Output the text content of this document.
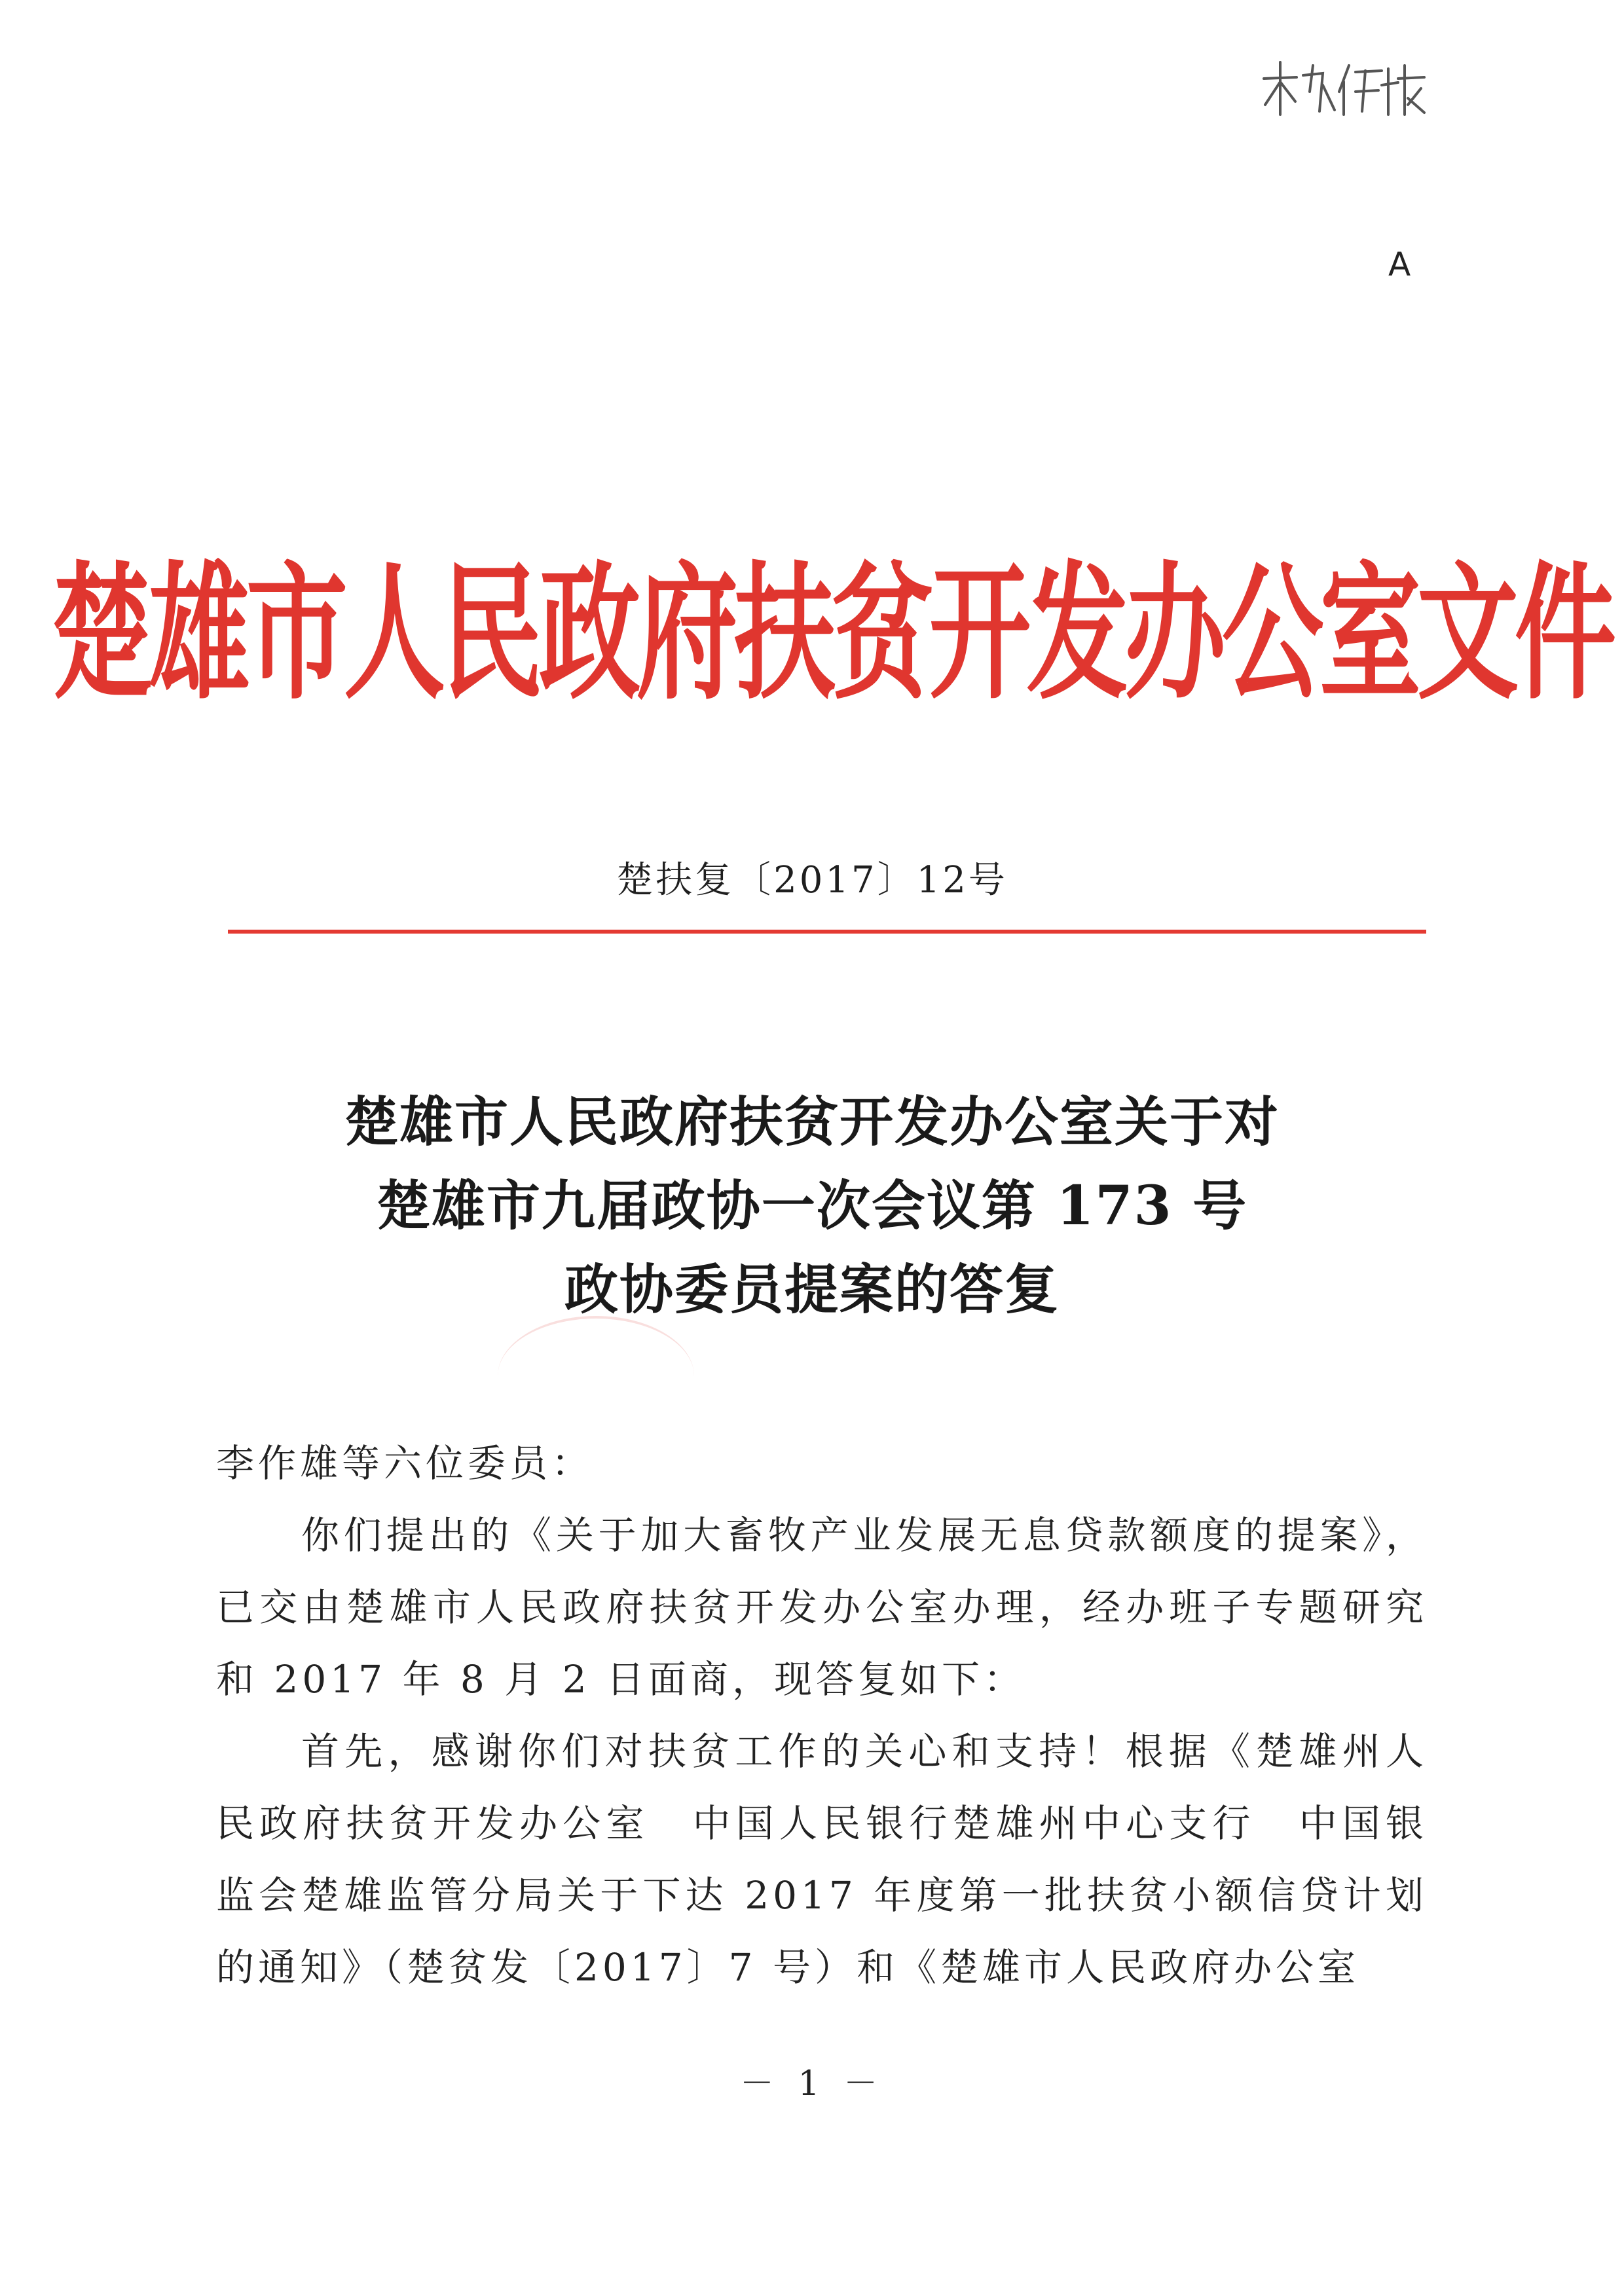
A
楚雄市人民政府扶贫开发办公室文件
楚扶复〔2017〕12号
楚雄市人民政府扶贫开发办公室关于对
楚雄市九届政协一次会议第 173 号
政协委员提案的答复

李作雄等六位委员：

你们提出的《关于加大畜牧产业发展无息贷款额度的提案》，已交由楚雄市人民政府扶贫开发办公室办理，经办班子专题研究和 2017 年 8 月 2 日面商，现答复如下：

首先，感谢你们对扶贫工作的关心和支持！根据《楚雄州人民政府扶贫开发办公室　中国人民银行楚雄州中心支行　中国银监会楚雄监管分局关于下达 2017 年度第一批扶贫小额信贷计划的通知》（楚贫发〔2017〕7 号）和《楚雄市人民政府办公室

－ 1 －
